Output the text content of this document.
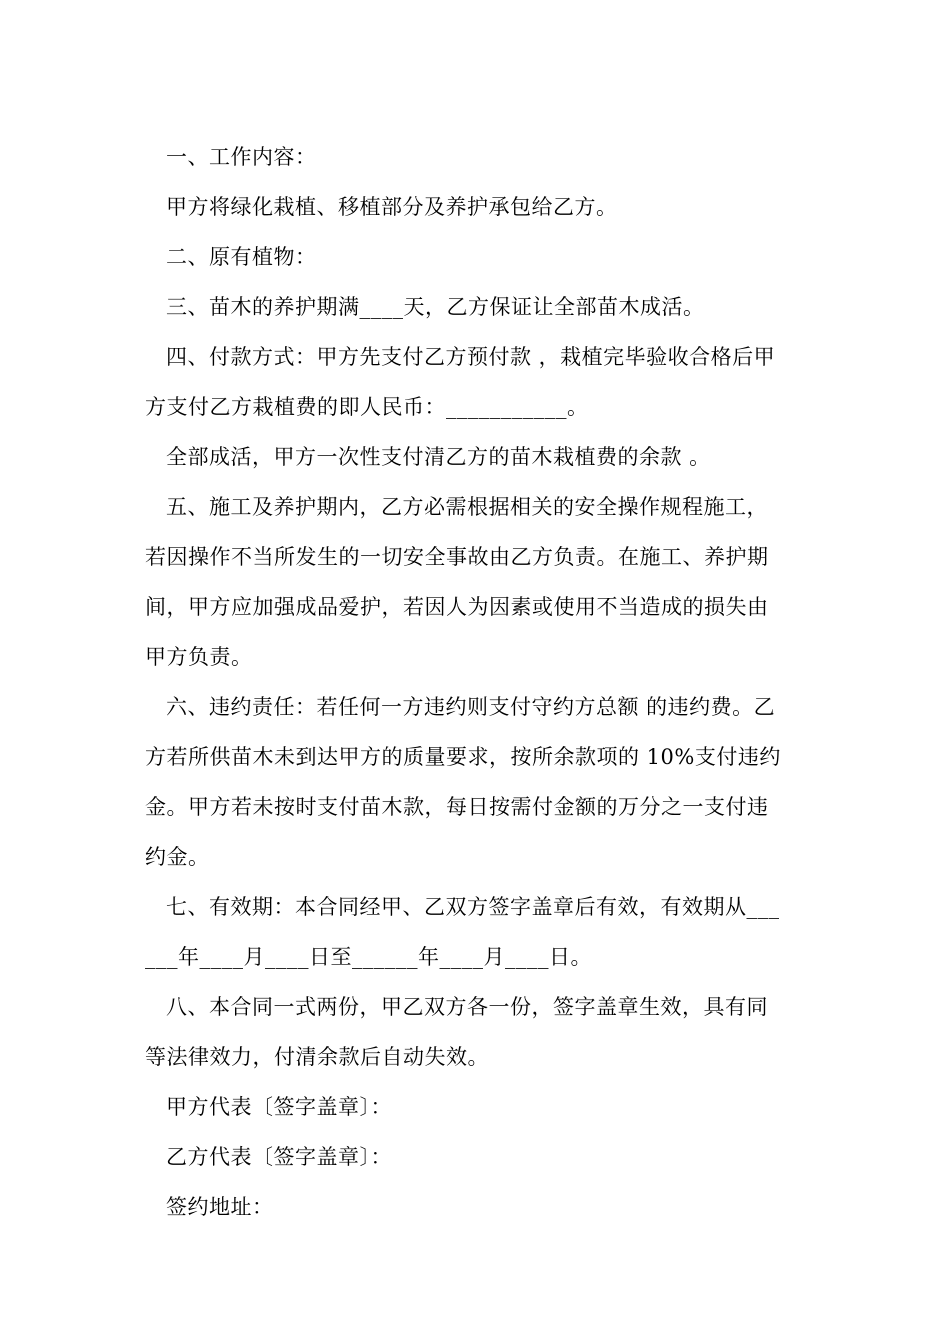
一、工作内容：

甲方将绿化栽植、移植部分及养护承包给乙方。

二、原有植物：

三、苗木的养护期满____天，乙方保证让全部苗木成活。

四、付款方式：甲方先支付乙方预付款 ，栽植完毕验收合格后甲
方支付乙方栽植费的即人民币：___________。

全部成活，甲方一次性支付清乙方的苗木栽植费的余款 。

五、施工及养护期内，乙方必需根据相关的安全操作规程施工，
若因操作不当所发生的一切安全事故由乙方负责。在施工、养护期
间，甲方应加强成品爱护，若因人为因素或使用不当造成的损失由
甲方负责。

六、违约责任：若任何一方违约则支付守约方总额 的违约费。乙
方若所供苗木未到达甲方的质量要求，按所余款项的 10%支付违约
金。甲方若未按时支付苗木款，每日按需付金额的万分之一支付违
约金。

七、有效期：本合同经甲、乙双方签字盖章后有效，有效期从___
___年____月____日至______年____月____日。

八、本合同一式两份，甲乙双方各一份，签字盖章生效，具有同
等法律效力，付清余款后自动失效。

甲方代表〔签字盖章〕：

乙方代表〔签字盖章〕：

签约地址：
